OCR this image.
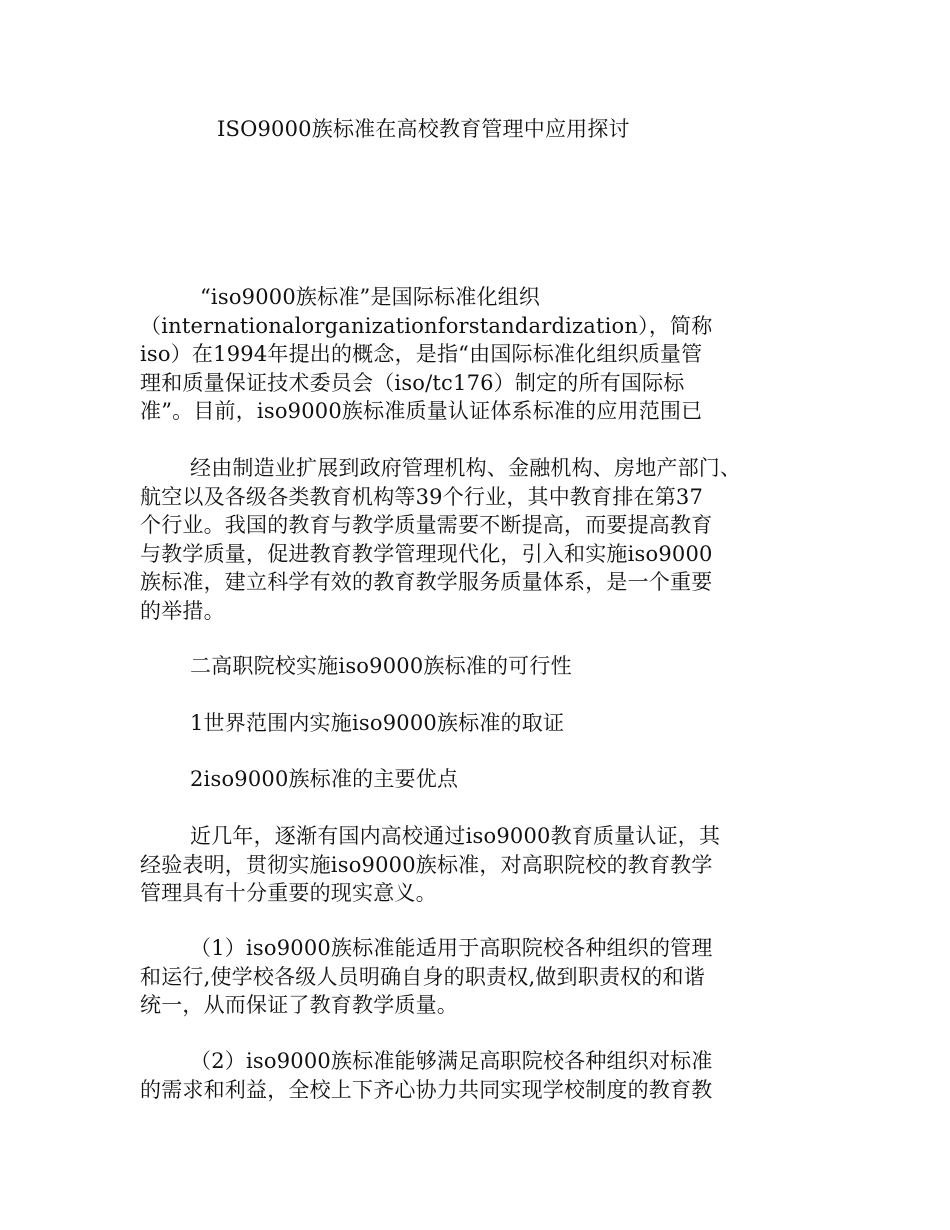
ISO9000族标准在高校教育管理中应用探讨
“iso9000族标准”是国际标准化组织
（internationalorganizationforstandardization），简称
iso）在1994年提出的概念，是指“由国际标准化组织质量管
理和质量保证技术委员会（iso/tc176）制定的所有国际标
准”。目前，iso9000族标准质量认证体系标准的应用范围已
经由制造业扩展到政府管理机构、金融机构、房地产部门、
航空以及各级各类教育机构等39个行业，其中教育排在第37
个行业。我国的教育与教学质量需要不断提高，而要提高教育
与教学质量，促进教育教学管理现代化，引入和实施iso9000
族标准，建立科学有效的教育教学服务质量体系，是一个重要
的举措。
二高职院校实施iso9000族标准的可行性
1世界范围内实施iso9000族标准的取证
2iso9000族标准的主要优点
近几年，逐渐有国内高校通过iso9000教育质量认证，其
经验表明，贯彻实施iso9000族标准，对高职院校的教育教学
管理具有十分重要的现实意义。
（1）iso9000族标准能适用于高职院校各种组织的管理
和运行,使学校各级人员明确自身的职责权,做到职责权的和谐
统一，从而保证了教育教学质量。
（2）iso9000族标准能够满足高职院校各种组织对标准
的需求和利益，全校上下齐心协力共同实现学校制度的教育教
